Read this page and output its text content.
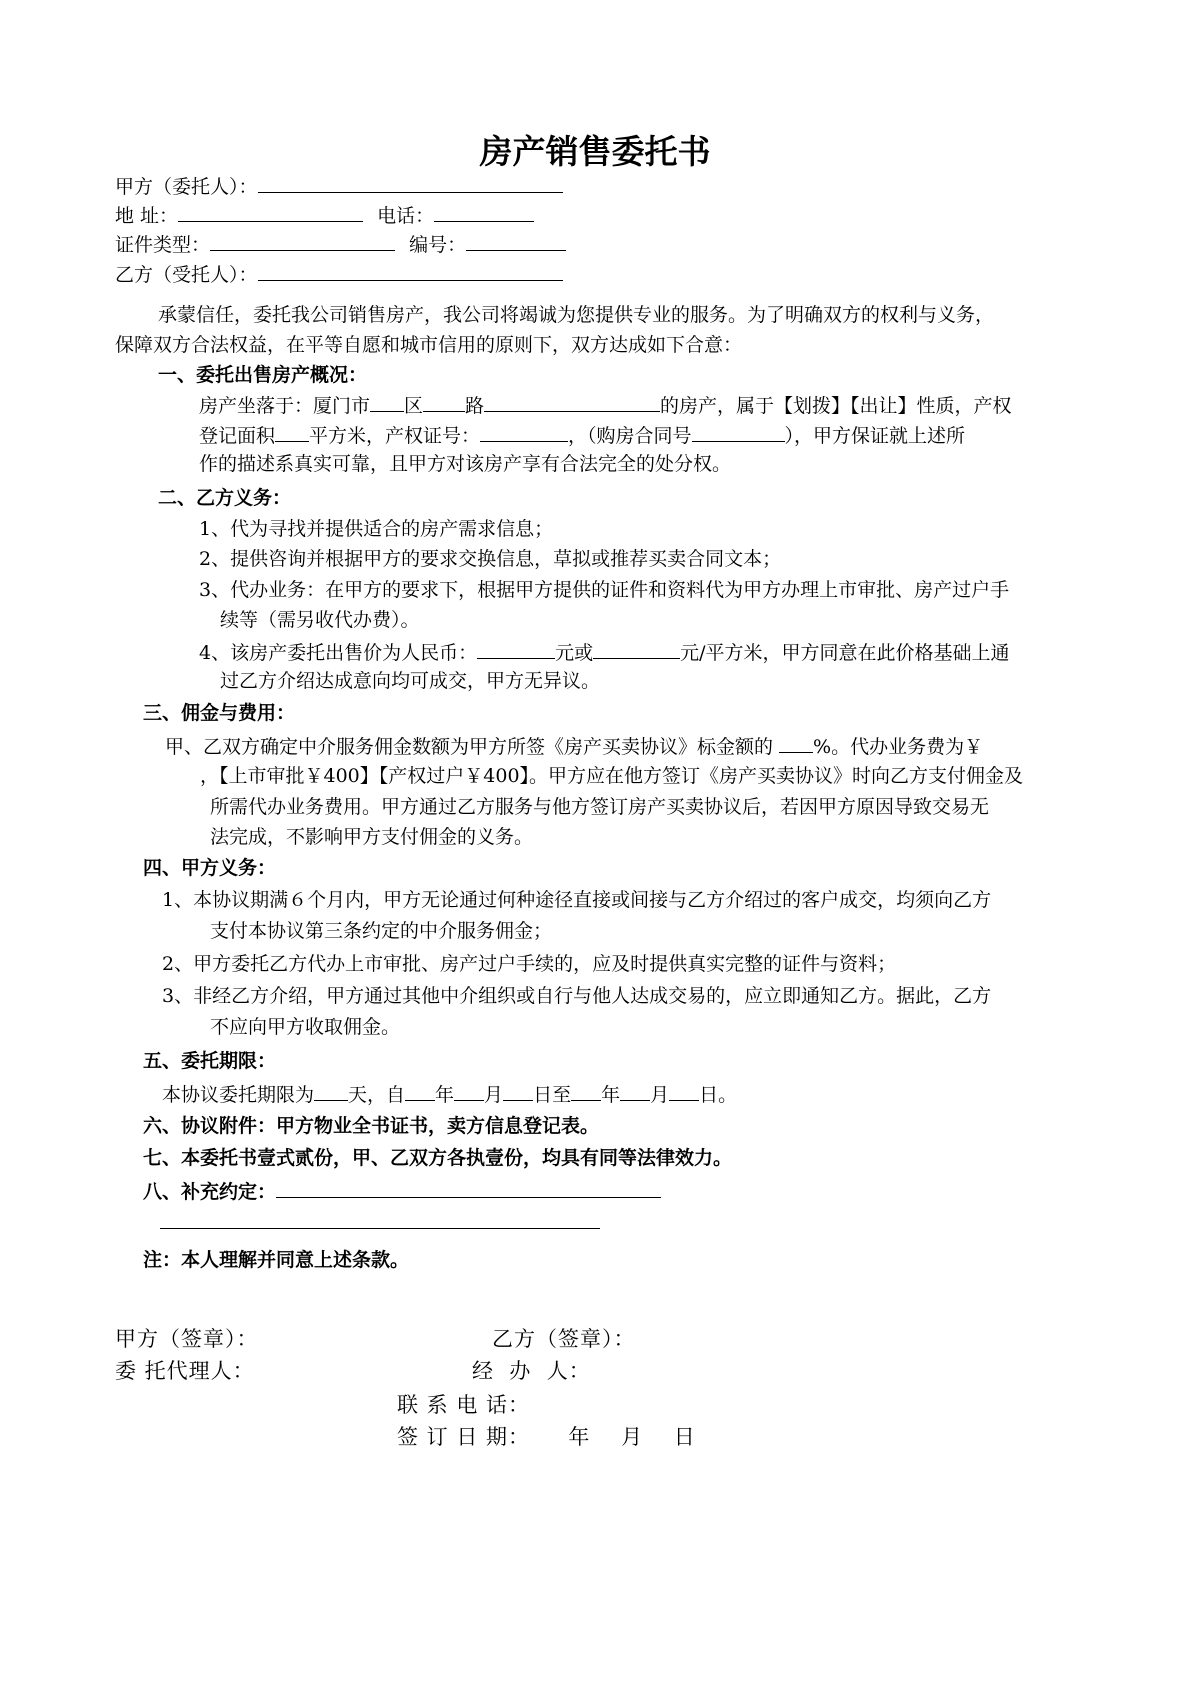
房产销售委托书
甲方（委托人）：
地 址：	电话：
证件类型：	编号：
乙方（受托人）：
承蒙信任，委托我公司销售房产，我公司将竭诚为您提供专业的服务。为了明确双方的权利与义务，
保障双方合法权益，在平等自愿和城市信用的原则下，双方达成如下合意：
一、委托出售房产概况：
房产坐落于：厦门市 区 路	的房产，属于【划拨】【出让】性质，产权
登记面积 平方米，产权证号：	，（购房合同号	），甲方保证就上述所
作的描述系真实可靠，且甲方对该房产享有合法完全的处分权。
二、乙方义务：
1、代为寻找并提供适合的房产需求信息；
2、提供咨询并根据甲方的要求交换信息，草拟或推荐买卖合同文本；
3、代办业务：在甲方的要求下，根据甲方提供的证件和资料代为甲方办理上市审批、房产过户手
续等（需另收代办费）。
4、该房产委托出售价为人民币：	元或	元/平方米，甲方同意在此价格基础上通
过乙方介绍达成意向均可成交，甲方无异议。
三、佣金与费用：
甲、乙双方确定中介服务佣金数额为甲方所签《房产买卖协议》标金额的 %。代办业务费为￥
，【上市审批￥400】【产权过户￥400】。甲方应在他方签订《房产买卖协议》时向乙方支付佣金及
所需代办业务费用。甲方通过乙方服务与他方签订房产买卖协议后，若因甲方原因导致交易无
法完成，不影响甲方支付佣金的义务。
四、甲方义务：
1、本协议期满６个月内，甲方无论通过何种途径直接或间接与乙方介绍过的客户成交，均须向乙方
支付本协议第三条约定的中介服务佣金；
2、甲方委托乙方代办上市审批、房产过户手续的，应及时提供真实完整的证件与资料；
3、非经乙方介绍，甲方通过其他中介组织或自行与他人达成交易的，应立即通知乙方。据此，乙方
不应向甲方收取佣金。
五、委托期限：
本协议委托期限为 天，自 年 月 日至 年 月 日。
六、协议附件：甲方物业全书证书，卖方信息登记表。
七、本委托书壹式贰份，甲、乙双方各执壹份，均具有同等法律效力。
八、补充约定：
注：本人理解并同意上述条款。
甲方（签章）：	乙方（签章）：
委 托代理人：	经  办  人：
联 系 电 话：
签 订 日 期：     年    月    日
